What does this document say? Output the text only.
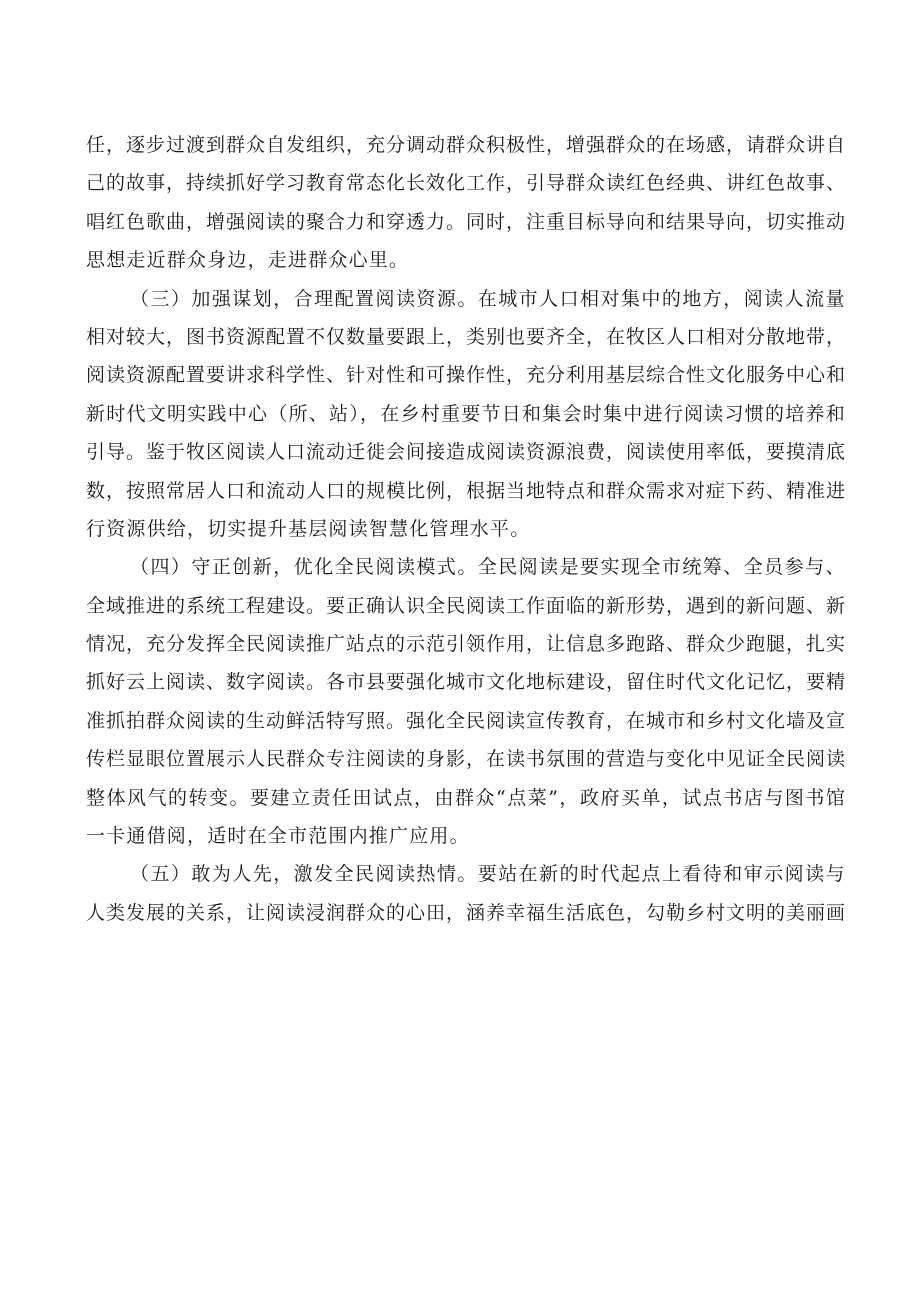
任，逐步过渡到群众自发组织，充分调动群众积极性，增强群众的在场感，请群众讲自
己的故事，持续抓好学习教育常态化长效化工作，引导群众读红色经典、讲红色故事、
唱红色歌曲，增强阅读的聚合力和穿透力。同时，注重目标导向和结果导向，切实推动
思想走近群众身边，走进群众心里。

（三）加强谋划，合理配置阅读资源。在城市人口相对集中的地方，阅读人流量
相对较大，图书资源配置不仅数量要跟上，类别也要齐全，在牧区人口相对分散地带，
阅读资源配置要讲求科学性、针对性和可操作性，充分利用基层综合性文化服务中心和
新时代文明实践中心（所、站），在乡村重要节日和集会时集中进行阅读习惯的培养和
引导。鉴于牧区阅读人口流动迁徙会间接造成阅读资源浪费，阅读使用率低，要摸清底
数，按照常居人口和流动人口的规模比例，根据当地特点和群众需求对症下药、精准进
行资源供给，切实提升基层阅读智慧化管理水平。

（四）守正创新，优化全民阅读模式。全民阅读是要实现全市统筹、全员参与、
全域推进的系统工程建设。要正确认识全民阅读工作面临的新形势，遇到的新问题、新
情况，充分发挥全民阅读推广站点的示范引领作用，让信息多跑路、群众少跑腿，扎实
抓好云上阅读、数字阅读。各市县要强化城市文化地标建设，留住时代文化记忆，要精
准抓拍群众阅读的生动鲜活特写照。强化全民阅读宣传教育，在城市和乡村文化墙及宣
传栏显眼位置展示人民群众专注阅读的身影，在读书氛围的营造与变化中见证全民阅读
整体风气的转变。要建立责任田试点，由群众“点菜”，政府买单，试点书店与图书馆
一卡通借阅，适时在全市范围内推广应用。

（五）敢为人先，激发全民阅读热情。要站在新的时代起点上看待和审示阅读与
人类发展的关系，让阅读浸润群众的心田，涵养幸福生活底色，勾勒乡村文明的美丽画
